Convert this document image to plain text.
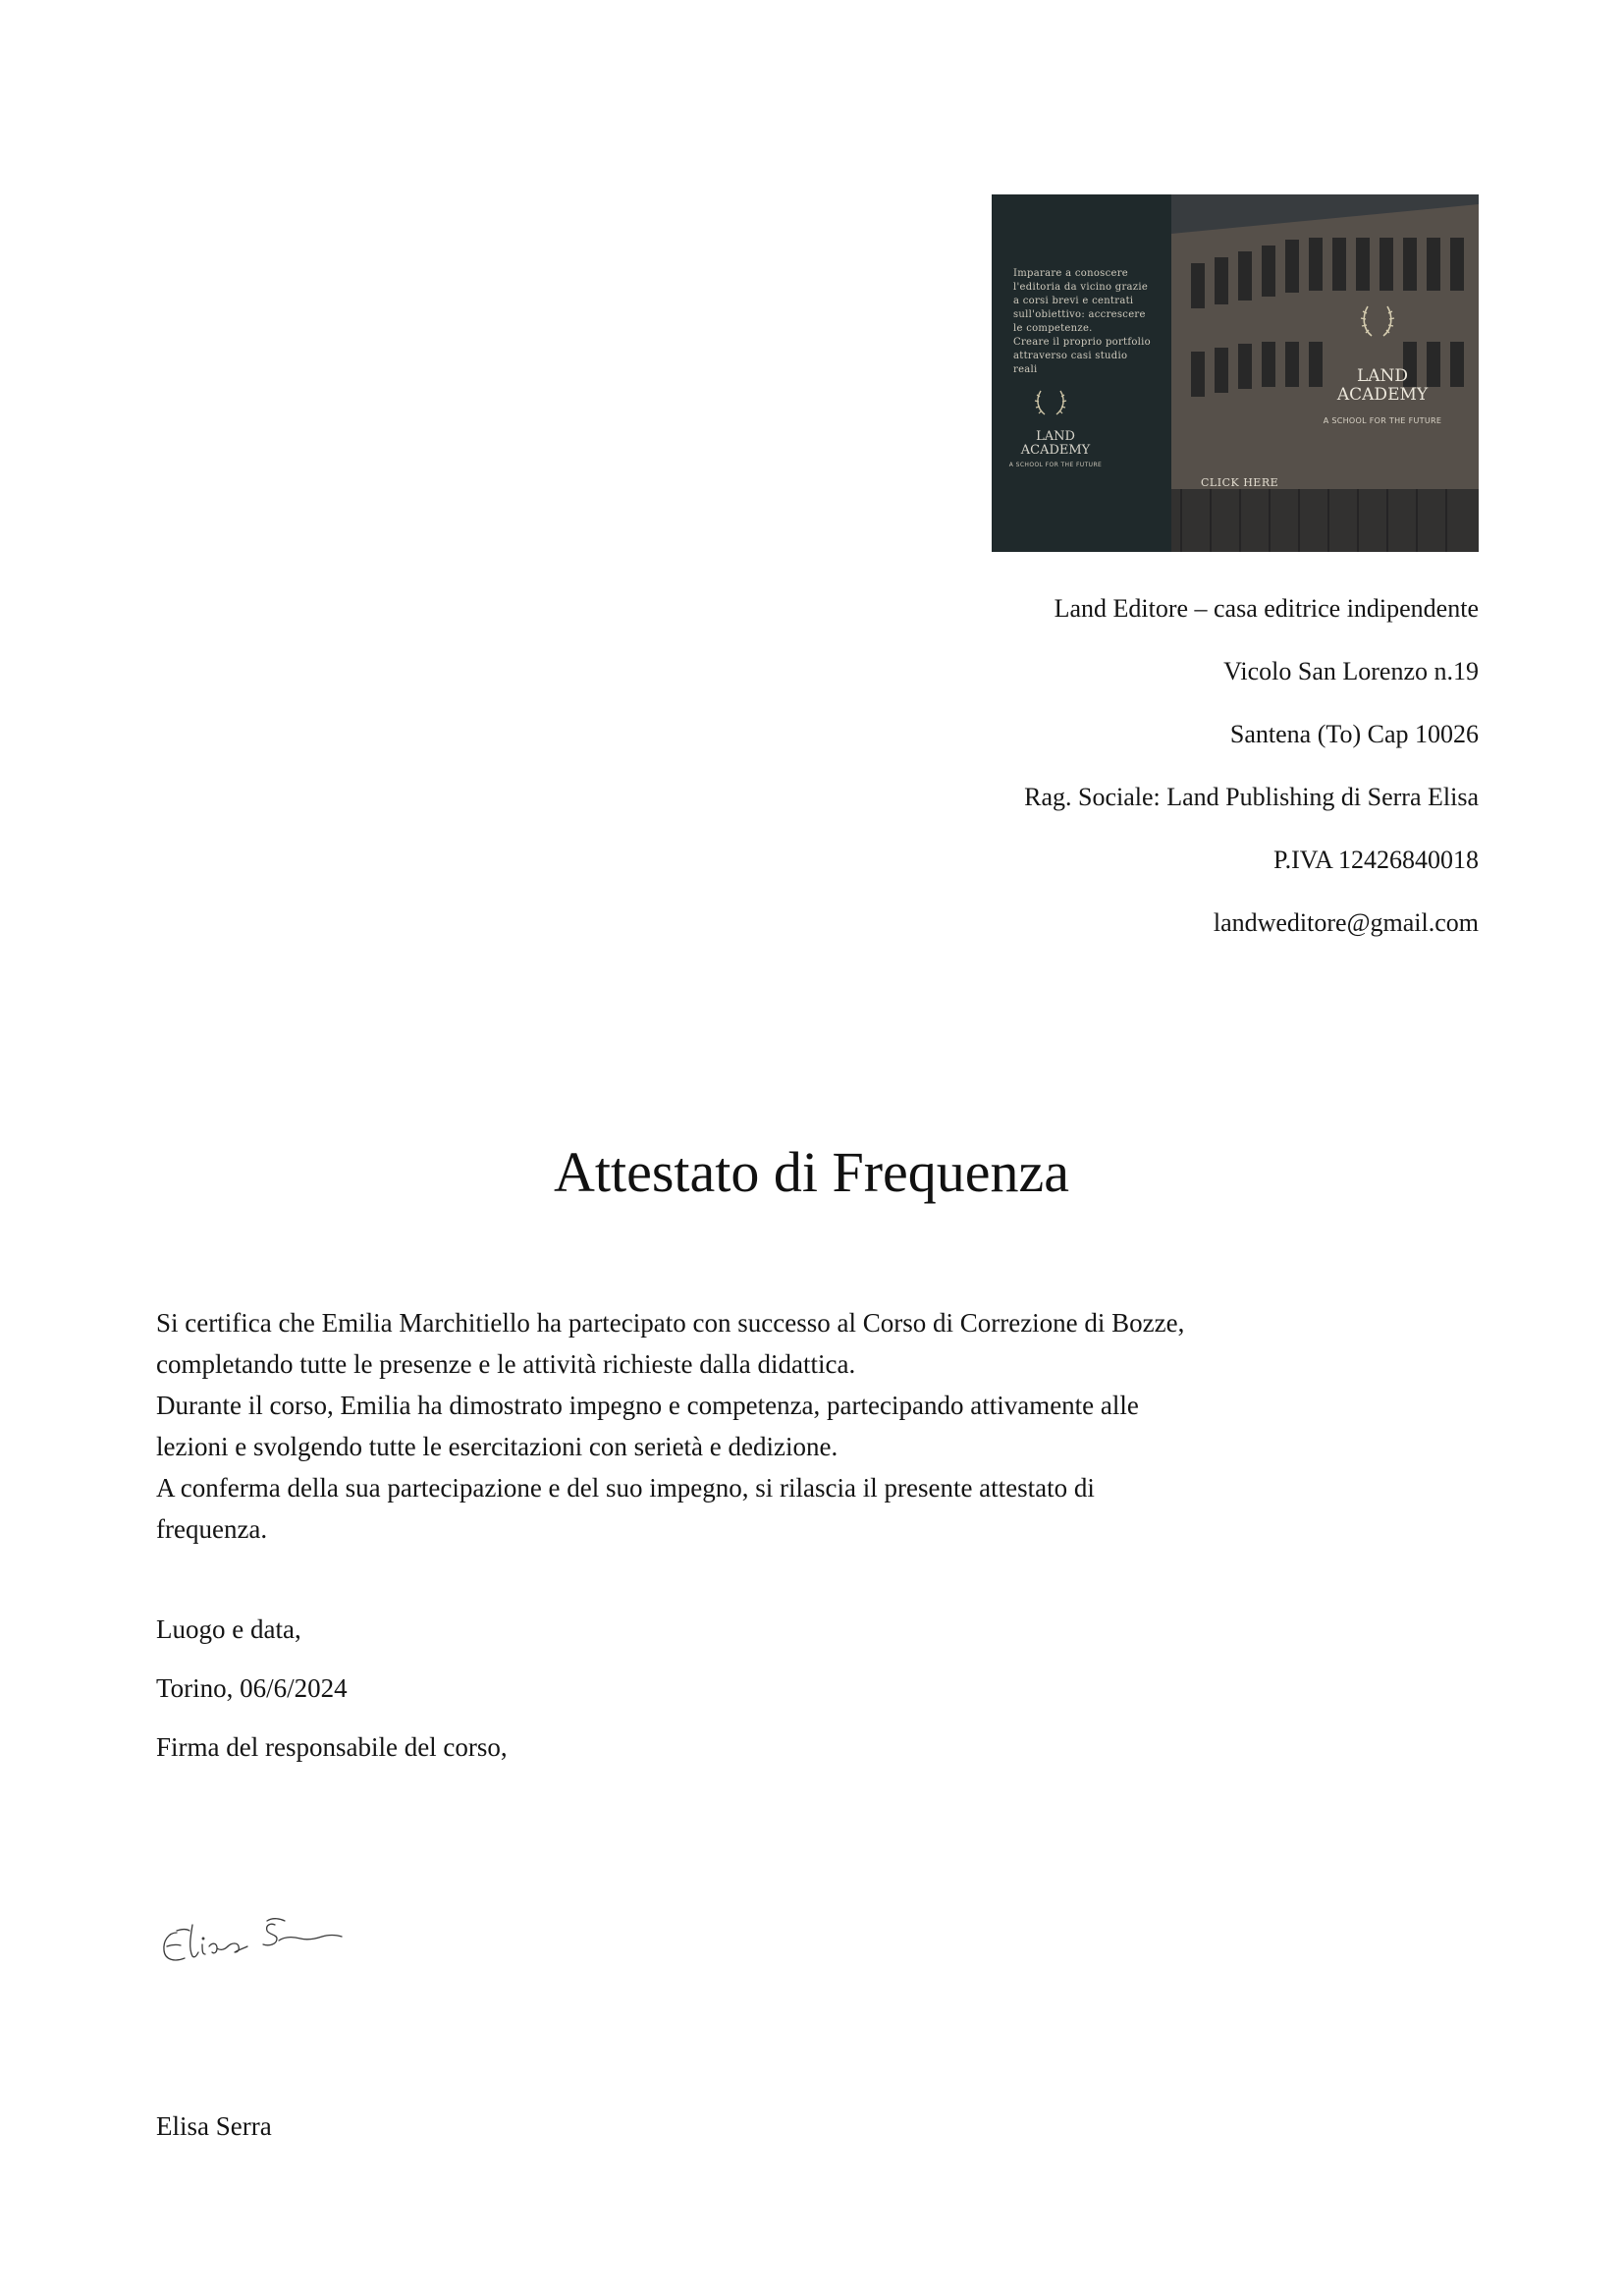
Imparare a conoscere
l'editoria da vicino grazie
a corsi brevi e centrati
sull'obiettivo: accrescere
le competenze.
Creare il proprio portfolio
attraverso casi studio
reali
LAND
ACADEMY
A SCHOOL FOR THE FUTURE
LAND
ACADEMY
A SCHOOL FOR THE FUTURE
CLICK HERE
Land Editore – casa editrice indipendente
Vicolo San Lorenzo n.19
Santena (To) Cap 10026
Rag. Sociale: Land Publishing di Serra Elisa
P.IVA 12426840018
landweditore@gmail.com
Attestato di Frequenza
Si certifica che Emilia Marchitiello ha partecipato con successo al Corso di Correzione di Bozze,
completando tutte le presenze e le attività richieste dalla didattica.
Durante il corso, Emilia ha dimostrato impegno e competenza, partecipando attivamente alle
lezioni e svolgendo tutte le esercitazioni con serietà e dedizione.
A conferma della sua partecipazione e del suo impegno, si rilascia il presente attestato di
frequenza.
Luogo e data,
Torino, 06/6/2024
Firma del responsabile del corso,
Elisa Serra
